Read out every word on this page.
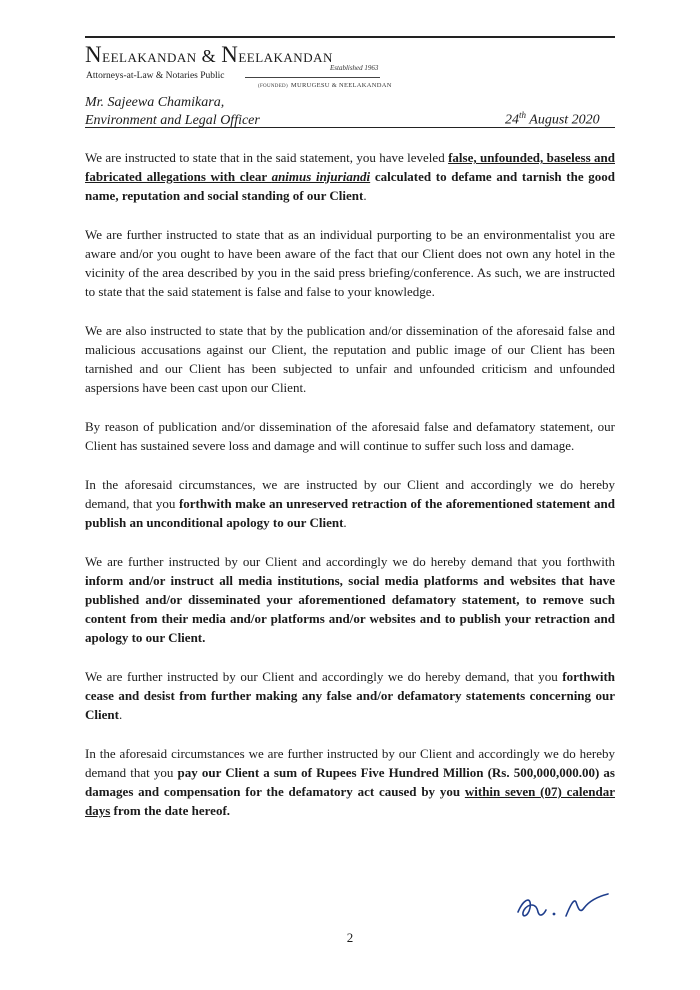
Neelakandan & Neelakandan
Established 1963
Attorneys-at-Law & Notaries Public
(FOUNDED) MURUGESU & NEELAKANDAN
Mr. Sajeewa Chamikara,
Environment and Legal Officer	24th August 2020

We are instructed to state that in the said statement, you have leveled false, unfounded, baseless and fabricated allegations with clear animus injuriandi calculated to defame and tarnish the good name, reputation and social standing of our Client.

We are further instructed to state that as an individual purporting to be an environmentalist you are aware and/or you ought to have been aware of the fact that our Client does not own any hotel in the vicinity of the area described by you in the said press briefing/conference. As such, we are instructed to state that the said statement is false and false to your knowledge.

We are also instructed to state that by the publication and/or dissemination of the aforesaid false and malicious accusations against our Client, the reputation and public image of our Client has been tarnished and our Client has been subjected to unfair and unfounded criticism and unfounded aspersions have been cast upon our Client.

By reason of publication and/or dissemination of the aforesaid false and defamatory statement, our Client has sustained severe loss and damage and will continue to suffer such loss and damage.

In the aforesaid circumstances, we are instructed by our Client and accordingly we do hereby demand, that you forthwith make an unreserved retraction of the aforementioned statement and publish an unconditional apology to our Client.

We are further instructed by our Client and accordingly we do hereby demand that you forthwith inform and/or instruct all media institutions, social media platforms and websites that have published and/or disseminated your aforementioned defamatory statement, to remove such content from their media and/or platforms and/or websites and to publish your retraction and apology to our Client.

We are further instructed by our Client and accordingly we do hereby demand, that you forthwith cease and desist from further making any false and/or defamatory statements concerning our Client.

In the aforesaid circumstances we are further instructed by our Client and accordingly we do hereby demand that you pay our Client a sum of Rupees Five Hundred Million (Rs. 500,000,000.00) as damages and compensation for the defamatory act caused by you within seven (07) calendar days from the date hereof.

2
